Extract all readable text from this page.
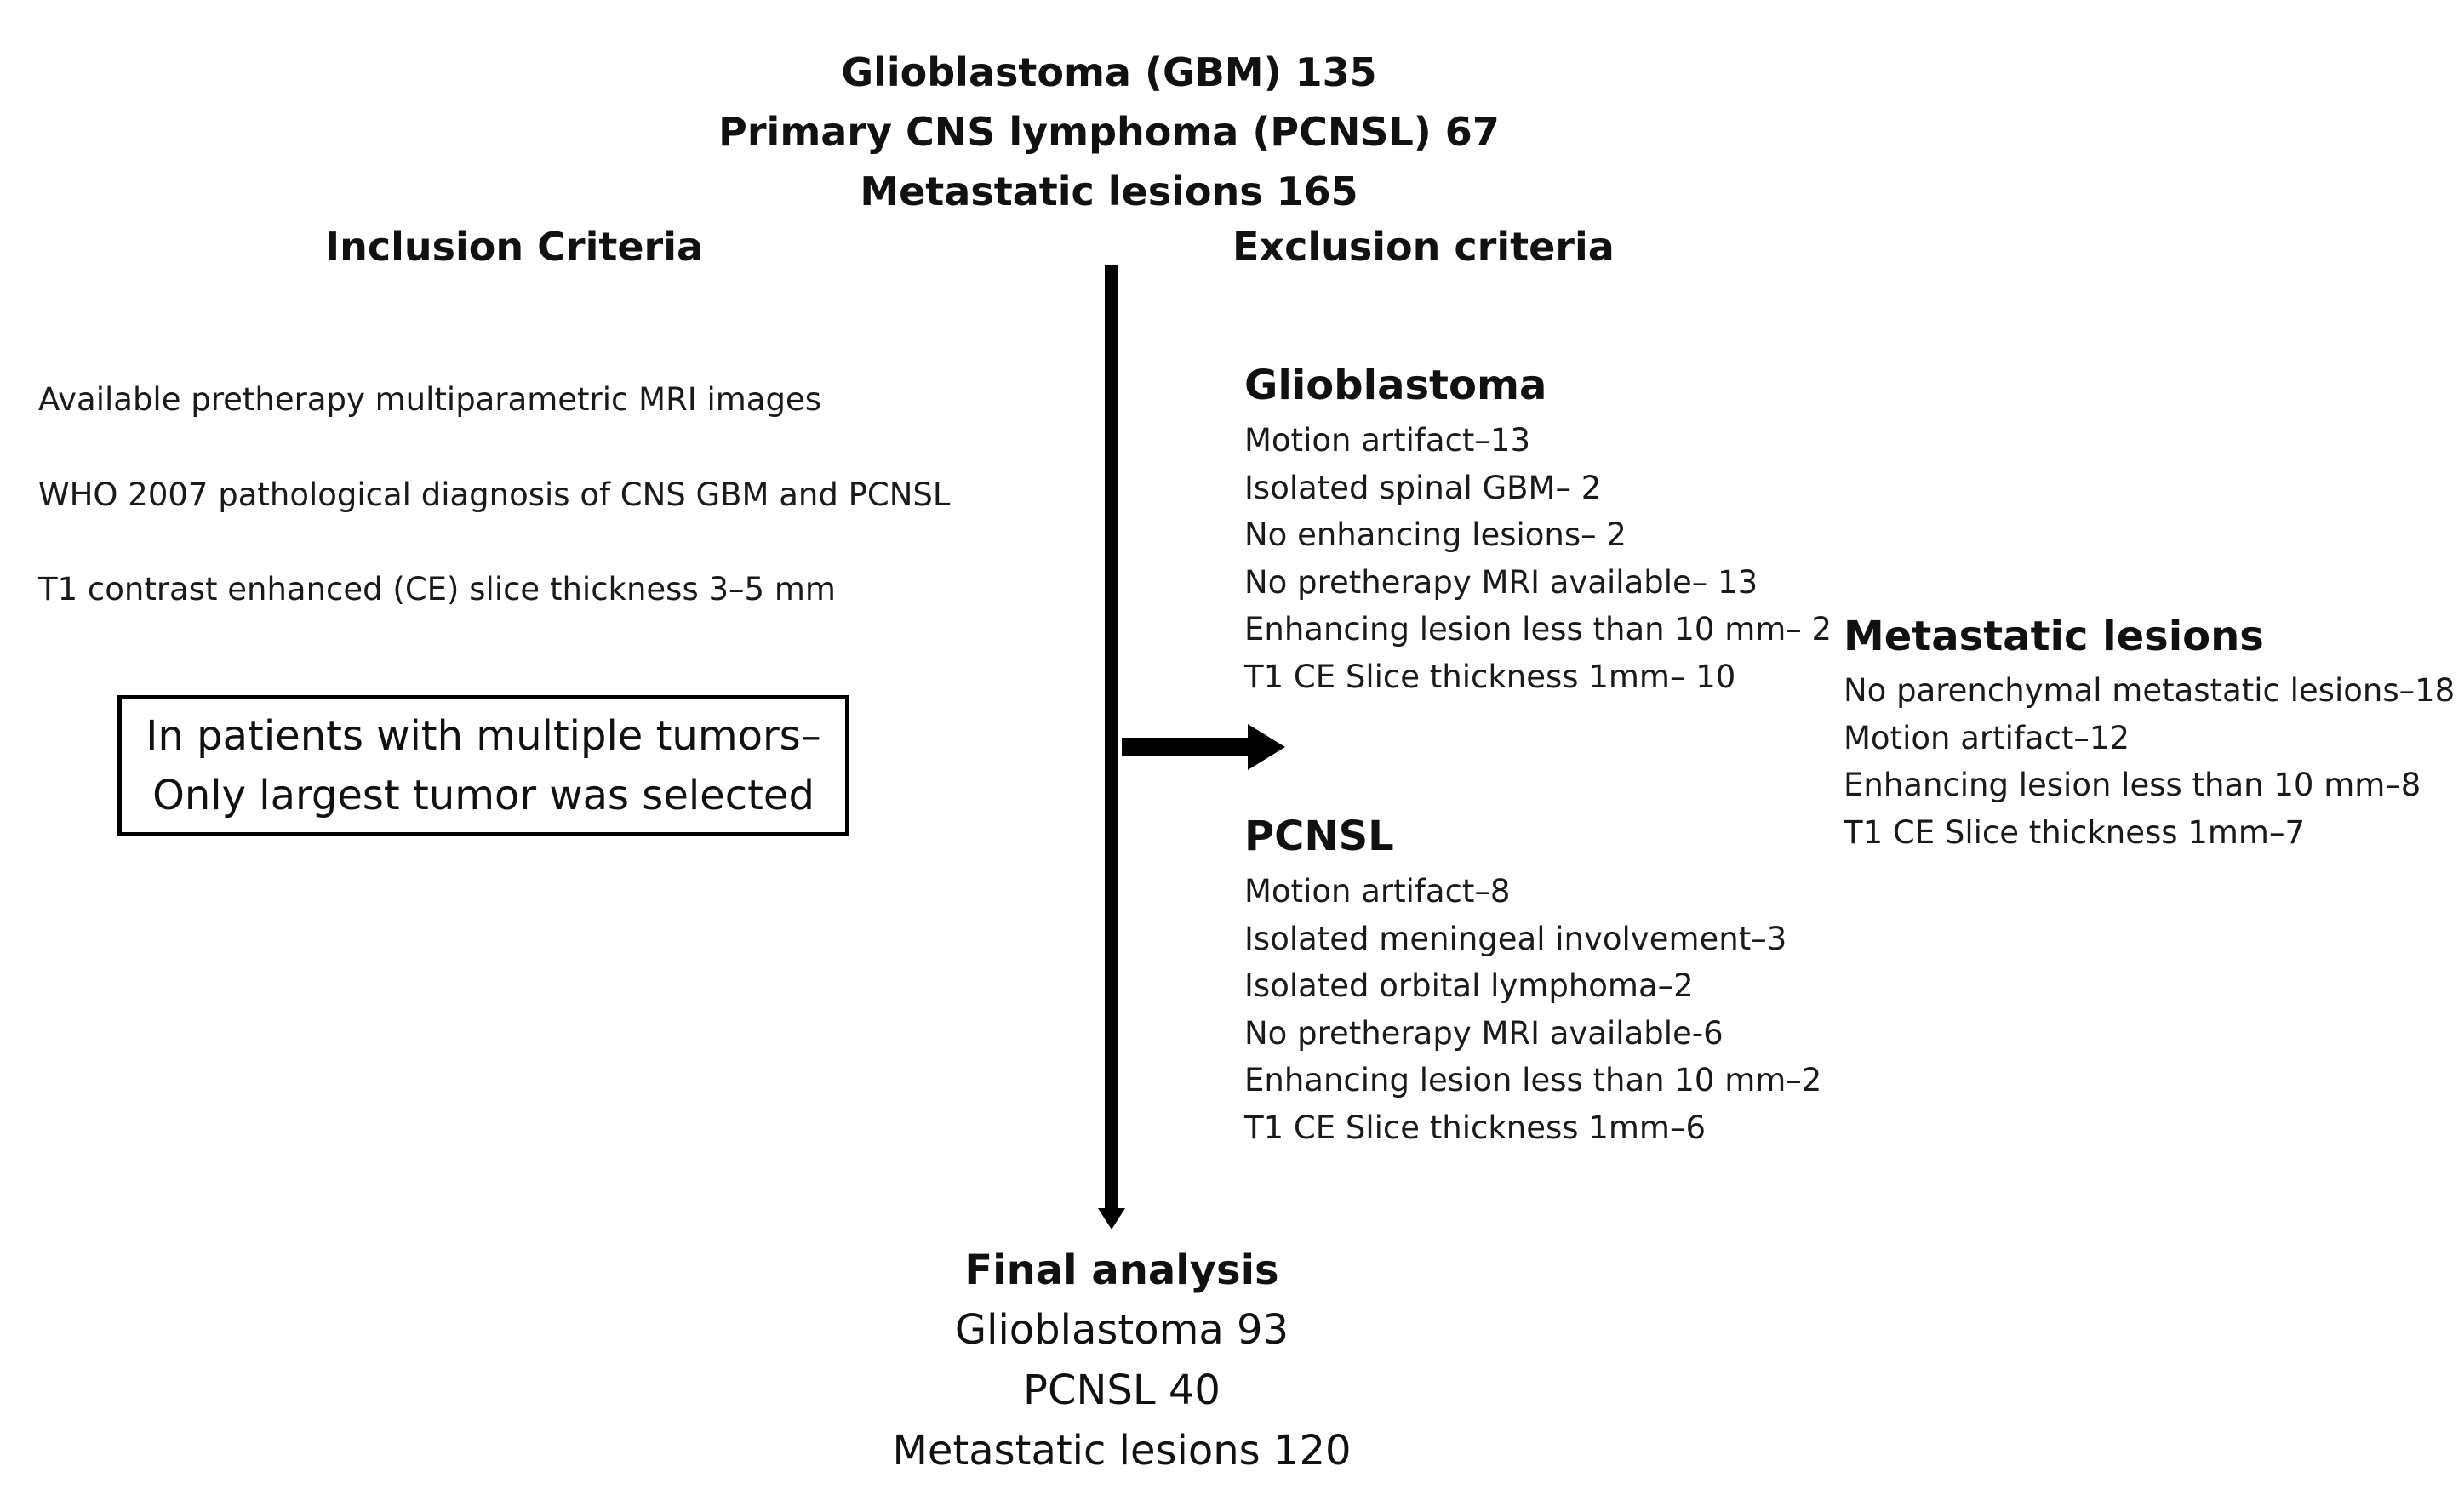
Glioblastoma (GBM) 135
Primary CNS lymphoma (PCNSL) 67
Metastatic lesions 165
Inclusion Criteria	Exclusion criteria
Available pretherapy multiparametric MRI images
WHO 2007 pathological diagnosis of CNS GBM and PCNSL
T1 contrast enhanced (CE) slice thickness 3–5 mm
In patients with multiple tumors–
Only largest tumor was selected
Glioblastoma
Motion artifact–13
Isolated spinal GBM– 2
No enhancing lesions– 2
No pretherapy MRI available– 13
Enhancing lesion less than 10 mm– 2
T1 CE Slice thickness 1mm– 10
PCNSL
Motion artifact–8
Isolated meningeal involvement–3
Isolated orbital lymphoma–2
No pretherapy MRI available-6
Enhancing lesion less than 10 mm–2
T1 CE Slice thickness 1mm–6
Metastatic lesions
No parenchymal metastatic lesions–18
Motion artifact–12
Enhancing lesion less than 10 mm–8
T1 CE Slice thickness 1mm–7
Final analysis
Glioblastoma 93
PCNSL 40
Metastatic lesions 120
